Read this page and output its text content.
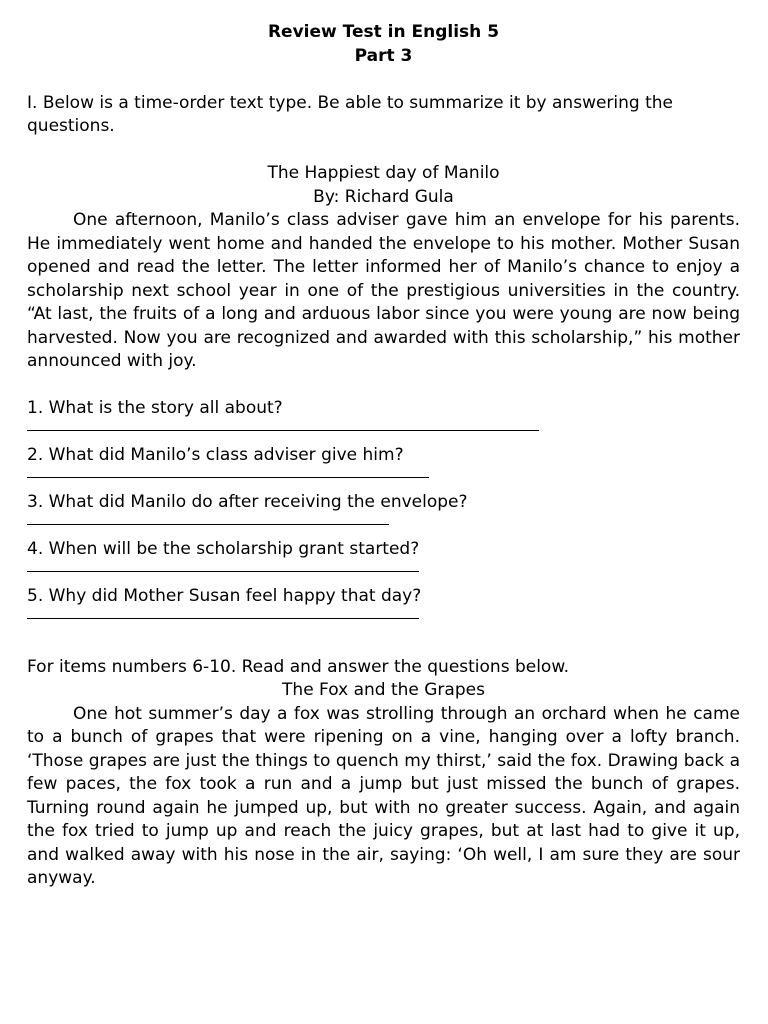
Review Test in English 5

Part 3

I. Below is a time-order text type. Be able to summarize it by answering the questions.

The Happiest day of Manilo

By: Richard Gula

One afternoon, Manilo’s class adviser gave him an envelope for his parents. He immediately went home and handed the envelope to his mother. Mother Susan opened and read the letter. The letter informed her of Manilo’s chance to enjoy a scholarship next school year in one of the prestigious universities in the country. “At last, the fruits of a long and arduous labor since you were young are now being harvested. Now you are recognized and awarded with this scholarship,” his mother announced with joy.

1. What is the story all about?

2. What did Manilo’s class adviser give him?

3. What did Manilo do after receiving the envelope?

4. When will be the scholarship grant started?

5. Why did Mother Susan feel happy that day?

For items numbers 6-10. Read and answer the questions below.

The Fox and the Grapes

One hot summer’s day a fox was strolling through an orchard when he came to a bunch of grapes that were ripening on a vine, hanging over a lofty branch. ‘Those grapes are just the things to quench my thirst,’ said the fox. Drawing back a few paces, the fox took a run and a jump but just missed the bunch of grapes. Turning round again he jumped up, but with no greater success. Again, and again the fox tried to jump up and reach the juicy grapes, but at last had to give it up, and walked away with his nose in the air, saying: ‘Oh well, I am sure they are sour anyway.
